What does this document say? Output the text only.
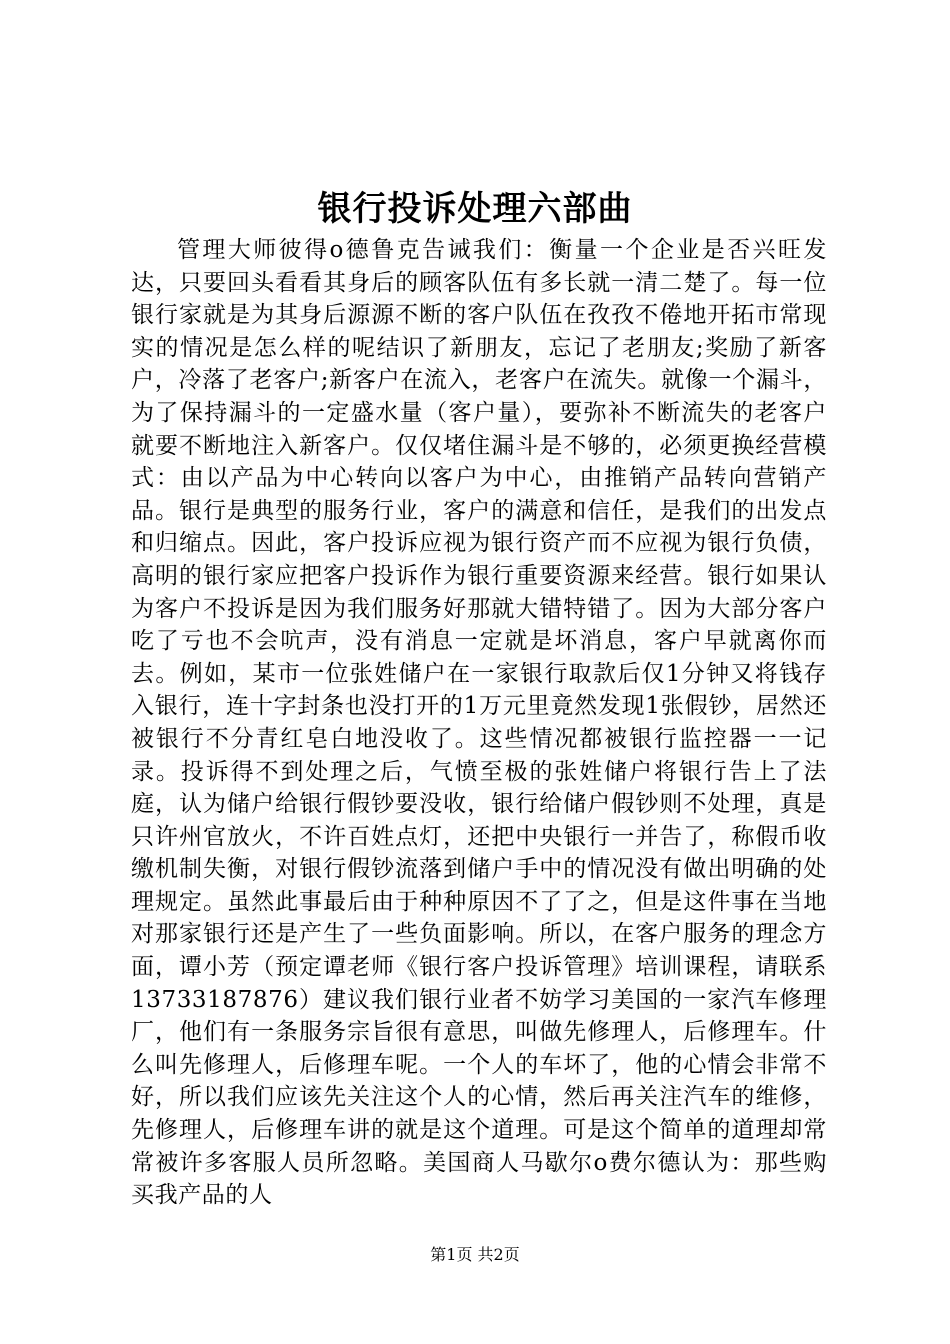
银行投诉处理六部曲

管理大师彼得ο德鲁克告诫我们：衡量一个企业是否兴旺发达，只要回头看看其身后的顾客队伍有多长就一清二楚了。每一位银行家就是为其身后源源不断的客户队伍在孜孜不倦地开拓市常现实的情况是怎么样的呢结识了新朋友，忘记了老朋友;奖励了新客户，冷落了老客户;新客户在流入，老客户在流失。就像一个漏斗，为了保持漏斗的一定盛水量（客户量），要弥补不断流失的老客户就要不断地注入新客户。仅仅堵住漏斗是不够的，必须更换经营模式：由以产品为中心转向以客户为中心，由推销产品转向营销产品。银行是典型的服务行业，客户的满意和信任，是我们的出发点和归缩点。因此，客户投诉应视为银行资产而不应视为银行负债，高明的银行家应把客户投诉作为银行重要资源来经营。银行如果认为客户不投诉是因为我们服务好那就大错特错了。因为大部分客户吃了亏也不会吭声，没有消息一定就是坏消息，客户早就离你而去。例如，某市一位张姓储户在一家银行取款后仅1分钟又将钱存入银行，连十字封条也没打开的1万元里竟然发现1张假钞，居然还被银行不分青红皂白地没收了。这些情况都被银行监控器一一记录。投诉得不到处理之后，气愤至极的张姓储户将银行告上了法庭，认为储户给银行假钞要没收，银行给储户假钞则不处理，真是只许州官放火，不许百姓点灯，还把中央银行一并告了，称假币收缴机制失衡，对银行假钞流落到储户手中的情况没有做出明确的处理规定。虽然此事最后由于种种原因不了了之，但是这件事在当地对那家银行还是产生了一些负面影响。所以，在客户服务的理念方面，谭小芳（预定谭老师《银行客户投诉管理》培训课程，请联系13733187876）建议我们银行业者不妨学习美国的一家汽车修理厂，他们有一条服务宗旨很有意思，叫做先修理人，后修理车。什么叫先修理人，后修理车呢。一个人的车坏了，他的心情会非常不好，所以我们应该先关注这个人的心情，然后再关注汽车的维修，先修理人，后修理车讲的就是这个道理。可是这个简单的道理却常常被许多客服人员所忽略。美国商人马歇尔ο费尔德认为：那些购买我产品的人

第1页 共2页
